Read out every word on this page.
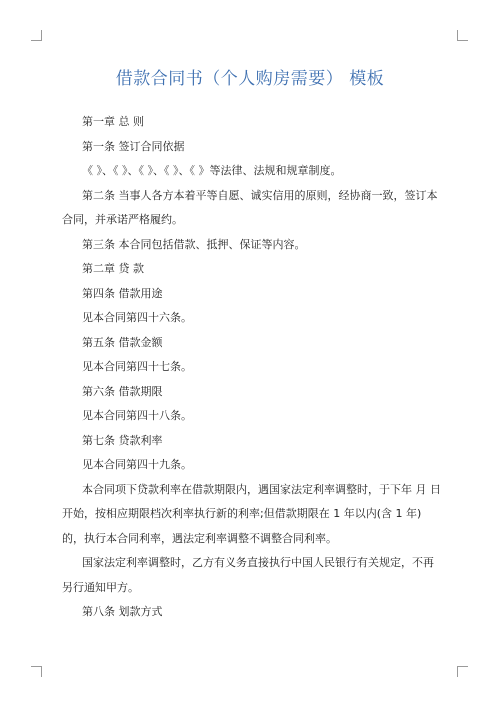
借款合同书（个人购房需要） 模板

第一章 总 则

第一条 签订合同依据

《 》、《 》、《 》、《 》、《 》等法律、法规和规章制度。

第二条 当事人各方本着平等自愿、诚实信用的原则，经协商一致，签订本合同，并承诺严格履约。

第三条 本合同包括借款、抵押、保证等内容。

第二章 贷 款

第四条 借款用途

见本合同第四十六条。

第五条 借款金额

见本合同第四十七条。

第六条 借款期限

见本合同第四十八条。

第七条 贷款利率

见本合同第四十九条。

本合同项下贷款利率在借款期限内，遇国家法定利率调整时，于下年 月 日开始，按相应期限档次利率执行新的利率;但借款期限在 1 年以内(含 1 年)的，执行本合同利率，遇法定利率调整不调整合同利率。

国家法定利率调整时，乙方有义务直接执行中国人民银行有关规定，不再另行通知甲方。

第八条 划款方式
